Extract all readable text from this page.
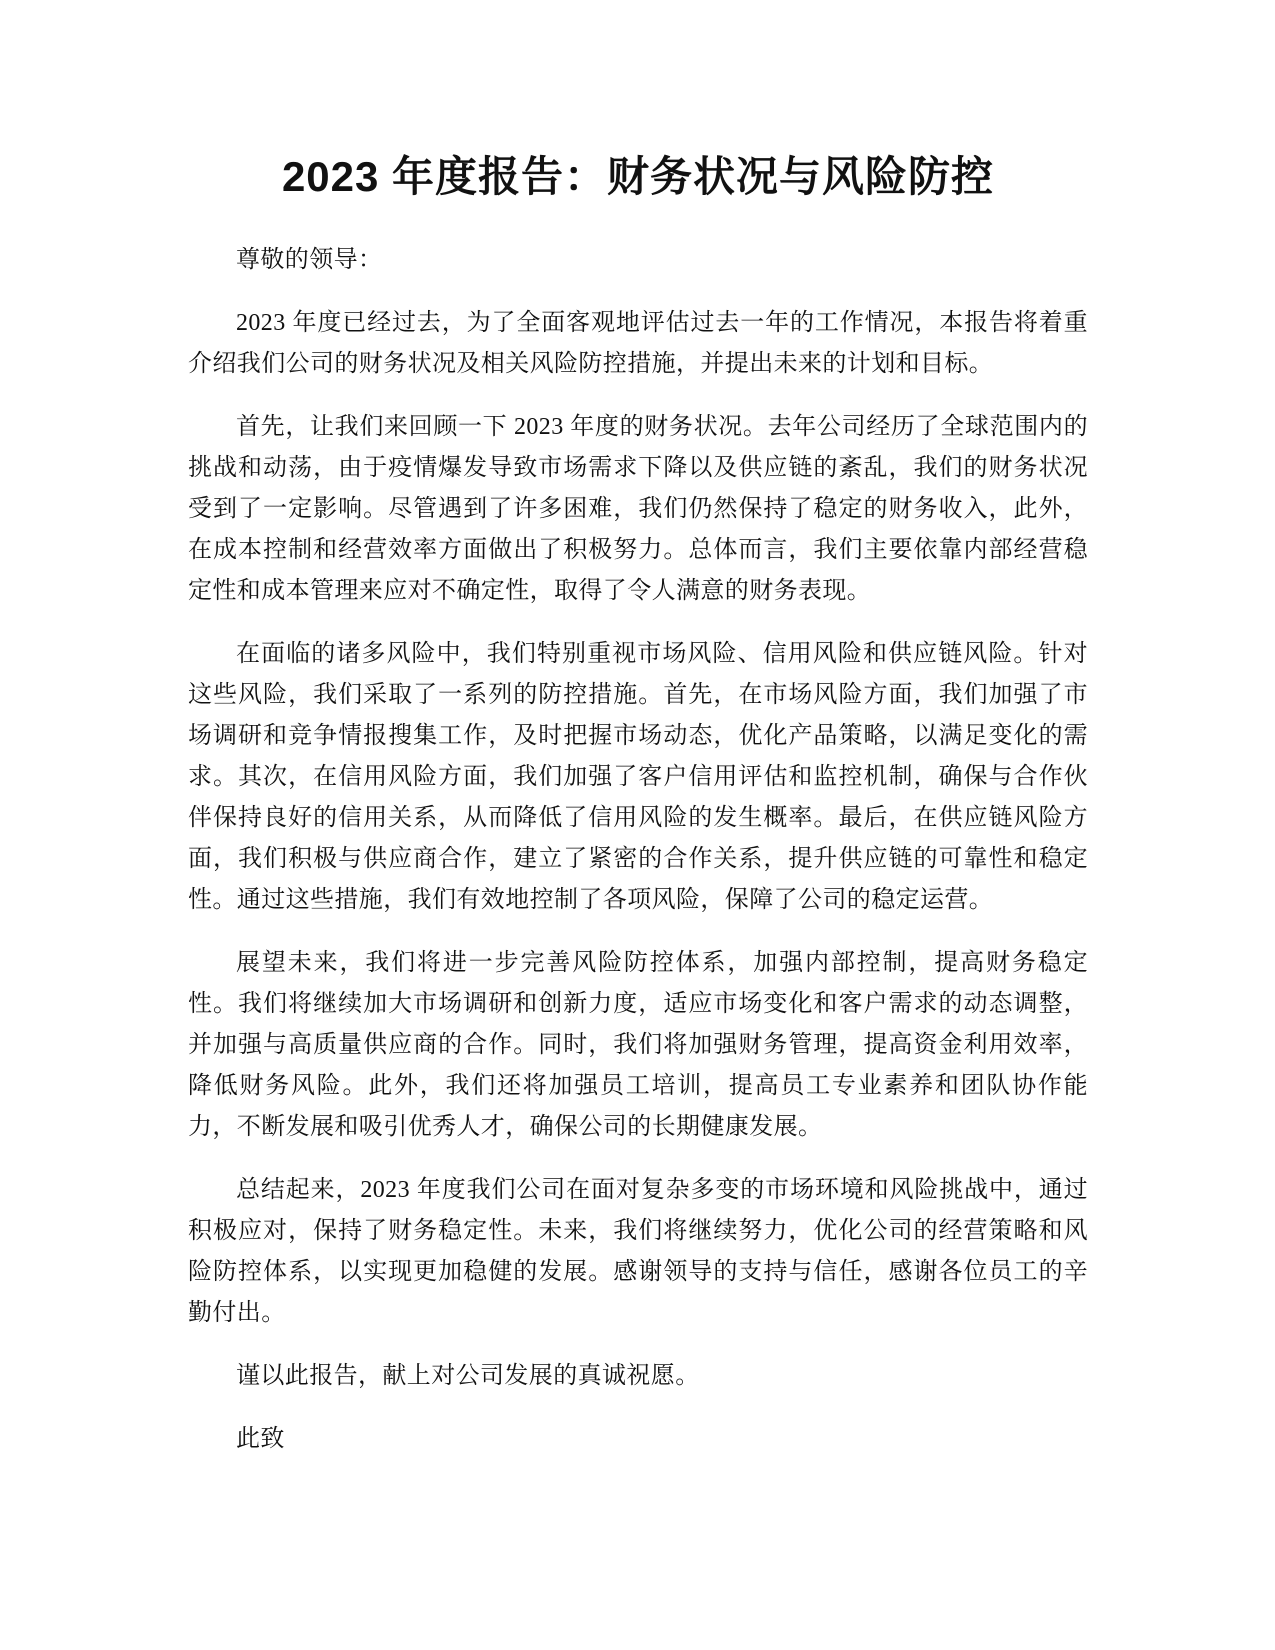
2023 年度报告：财务状况与风险防控

尊敬的领导：

2023 年度已经过去，为了全面客观地评估过去一年的工作情况，本报告将着重介绍我们公司的财务状况及相关风险防控措施，并提出未来的计划和目标。

首先，让我们来回顾一下 2023 年度的财务状况。去年公司经历了全球范围内的挑战和动荡，由于疫情爆发导致市场需求下降以及供应链的紊乱，我们的财务状况受到了一定影响。尽管遇到了许多困难，我们仍然保持了稳定的财务收入，此外，在成本控制和经营效率方面做出了积极努力。总体而言，我们主要依靠内部经营稳定性和成本管理来应对不确定性，取得了令人满意的财务表现。

在面临的诸多风险中，我们特别重视市场风险、信用风险和供应链风险。针对这些风险，我们采取了一系列的防控措施。首先，在市场风险方面，我们加强了市场调研和竞争情报搜集工作，及时把握市场动态，优化产品策略，以满足变化的需求。其次，在信用风险方面，我们加强了客户信用评估和监控机制，确保与合作伙伴保持良好的信用关系，从而降低了信用风险的发生概率。最后，在供应链风险方面，我们积极与供应商合作，建立了紧密的合作关系，提升供应链的可靠性和稳定性。通过这些措施，我们有效地控制了各项风险，保障了公司的稳定运营。

展望未来，我们将进一步完善风险防控体系，加强内部控制，提高财务稳定性。我们将继续加大市场调研和创新力度，适应市场变化和客户需求的动态调整，并加强与高质量供应商的合作。同时，我们将加强财务管理，提高资金利用效率，降低财务风险。此外，我们还将加强员工培训，提高员工专业素养和团队协作能力，不断发展和吸引优秀人才，确保公司的长期健康发展。

总结起来，2023 年度我们公司在面对复杂多变的市场环境和风险挑战中，通过积极应对，保持了财务稳定性。未来，我们将继续努力，优化公司的经营策略和风险防控体系，以实现更加稳健的发展。感谢领导的支持与信任，感谢各位员工的辛勤付出。

谨以此报告，献上对公司发展的真诚祝愿。

此致
